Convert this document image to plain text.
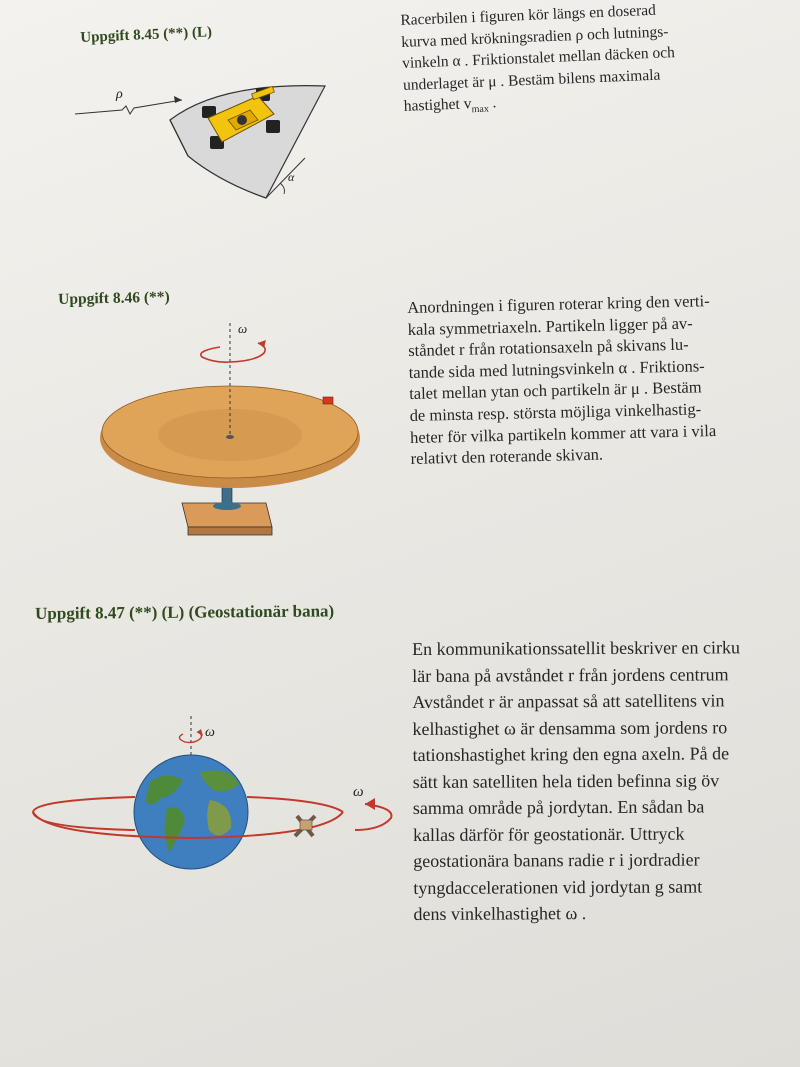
Uppgift 8.45 (**) (L)
α
ρ
Racerbilen i figuren kör längs en doserad
kurva med krökningsradien ρ och lutnings-
vinkeln α . Friktionstalet mellan däcken och
underlaget är μ . Bestäm bilens maximala
hastighet $v_{max}$ .
Uppgift 8.46 (**)
ω
Anordningen i figuren roterar kring den verti-
kala symmetriaxeln. Partikeln ligger på av-
ståndet r från rotationsaxeln på skivans lu-
tande sida med lutningsvinkeln α . Friktions-
talet mellan ytan och partikeln är μ . Bestäm
de minsta resp. största möjliga vinkelhastig-
heter för vilka partikeln kommer att vara i vila
relativt den roterande skivan.
Uppgift 8.47 (**) (L) (Geostationär bana)
ω
ω
En kommunikationssatellit beskriver en cirku
lär bana på avståndet r från jordens centrum
Avståndet r är anpassat så att satellitens vin
kelhastighet ω är densamma som jordens ro
tationshastighet kring den egna axeln. På de
sätt kan satelliten hela tiden befinna sig öv
samma område på jordytan. En sådan ba
kallas därför för geostationär. Uttryck
geostationära banans radie r i jordradier
tyngdaccelerationen vid jordytan g samt
dens vinkelhastighet ω .
